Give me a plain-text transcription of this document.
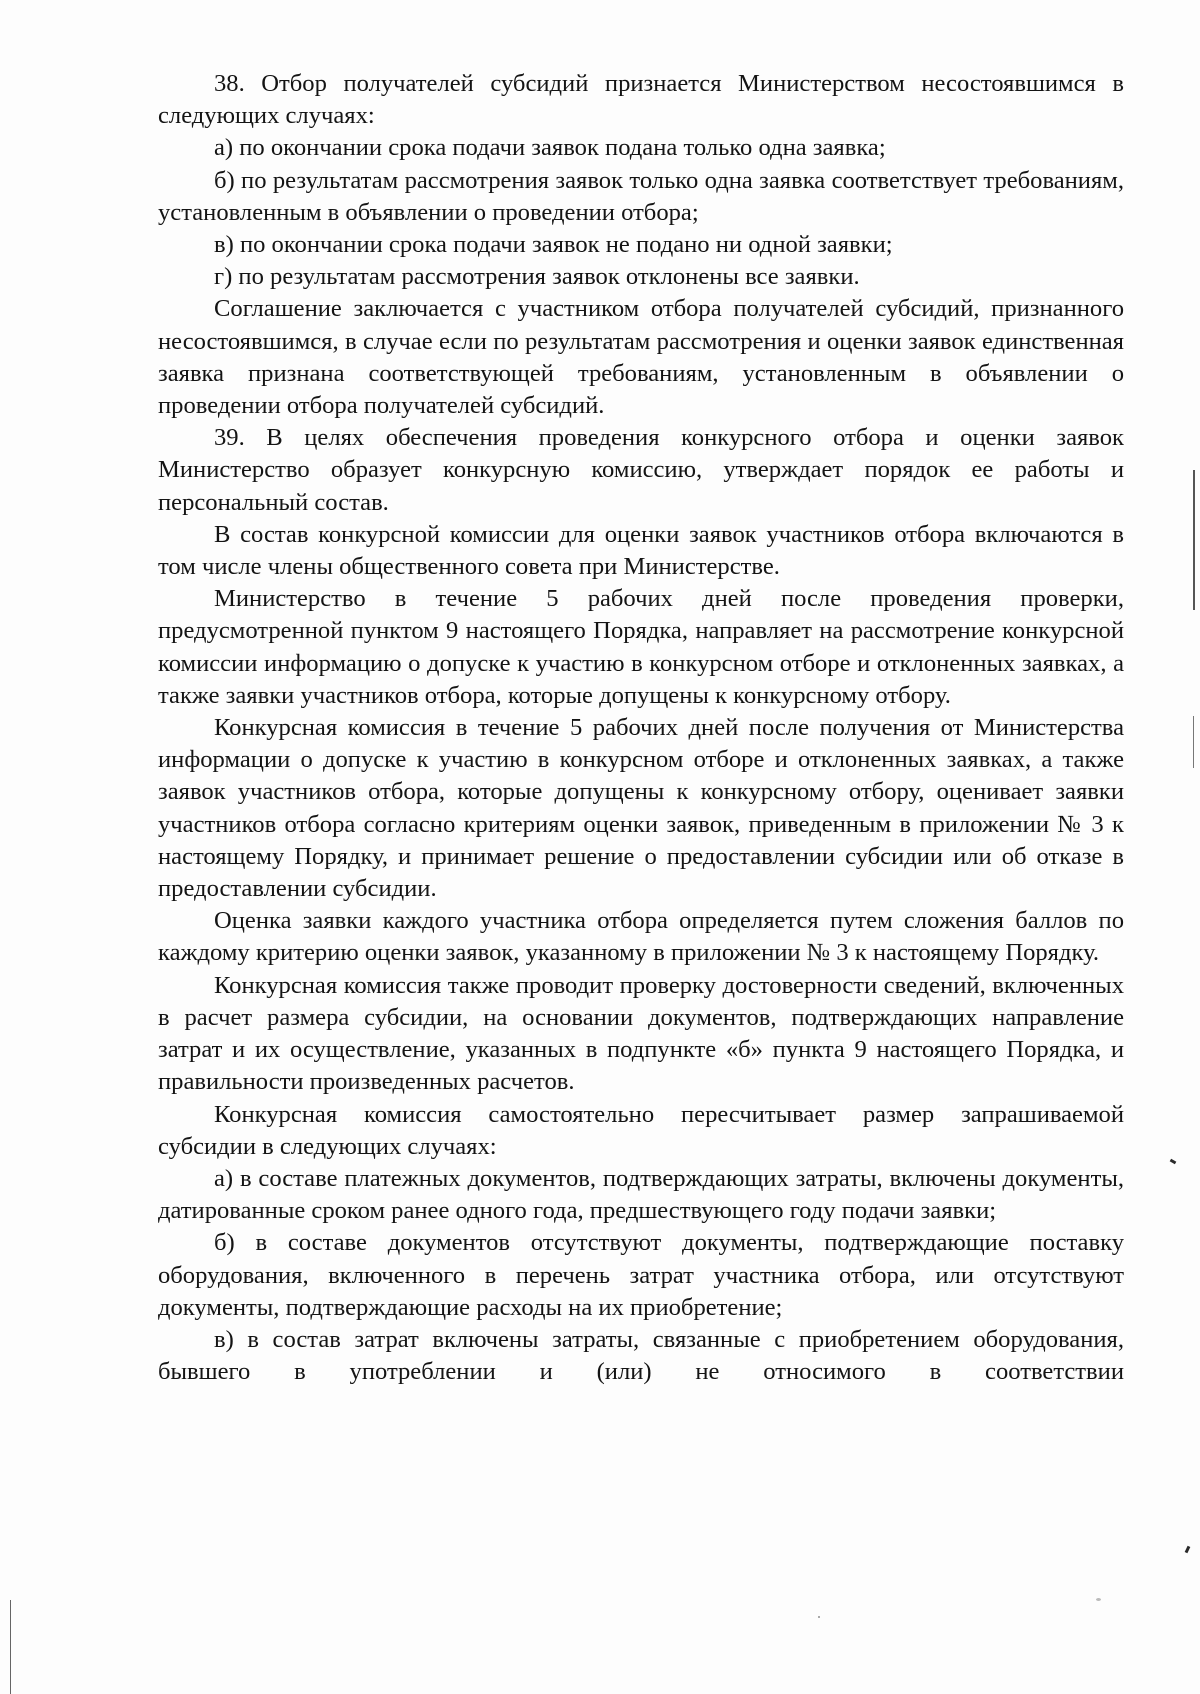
38. Отбор получателей субсидий признается Министерством несостоявшимся в следующих случаях:

а) по окончании срока подачи заявок подана только одна заявка;

б) по результатам рассмотрения заявок только одна заявка соответствует требованиям, установленным в объявлении о проведении отбора;

в) по окончании срока подачи заявок не подано ни одной заявки;

г) по результатам рассмотрения заявок отклонены все заявки.

Соглашение заключается с участником отбора получателей субсидий, признанного несостоявшимся, в случае если по результатам рассмотрения и оценки заявок единственная заявка признана соответствующей требованиям, установленным в объявлении о проведении отбора получателей субсидий.

39. В целях обеспечения проведения конкурсного отбора и оценки заявок Министерство образует конкурсную комиссию, утверждает порядок ее работы и персональный состав.

В состав конкурсной комиссии для оценки заявок участников отбора включаются в том числе члены общественного совета при Министерстве.

Министерство в течение 5 рабочих дней после проведения проверки, предусмотренной пунктом 9 настоящего Порядка, направляет на рассмотрение конкурсной комиссии информацию о допуске к участию в конкурсном отборе и отклоненных заявках, а также заявки участников отбора, которые допущены к конкурсному отбору.

Конкурсная комиссия в течение 5 рабочих дней после получения от Министерства информации о допуске к участию в конкурсном отборе и отклоненных заявках, а также заявок участников отбора, которые допущены к конкурсному отбору, оценивает заявки участников отбора согласно критериям оценки заявок, приведенным в приложении № 3 к настоящему Порядку, и принимает решение о предоставлении субсидии или об отказе в предоставлении субсидии.

Оценка заявки каждого участника отбора определяется путем сложения баллов по каждому критерию оценки заявок, указанному в приложении № 3 к настоящему Порядку.

Конкурсная комиссия также проводит проверку достоверности сведений, включенных в расчет размера субсидии, на основании документов, подтверждающих направление затрат и их осуществление, указанных в подпункте «б» пункта 9 настоящего Порядка, и правильности произведенных расчетов.

Конкурсная комиссия самостоятельно пересчитывает размер запрашиваемой субсидии в следующих случаях:

а) в составе платежных документов, подтверждающих затраты, включены документы, датированные сроком ранее одного года, предшествующего году подачи заявки;

б) в составе документов отсутствуют документы, подтверждающие поставку оборудования, включенного в перечень затрат участника отбора, или отсутствуют документы, подтверждающие расходы на их приобретение;

в) в состав затрат включены затраты, связанные с приобретением оборудования, бывшего в употреблении и (или) не относимого в соответствии
